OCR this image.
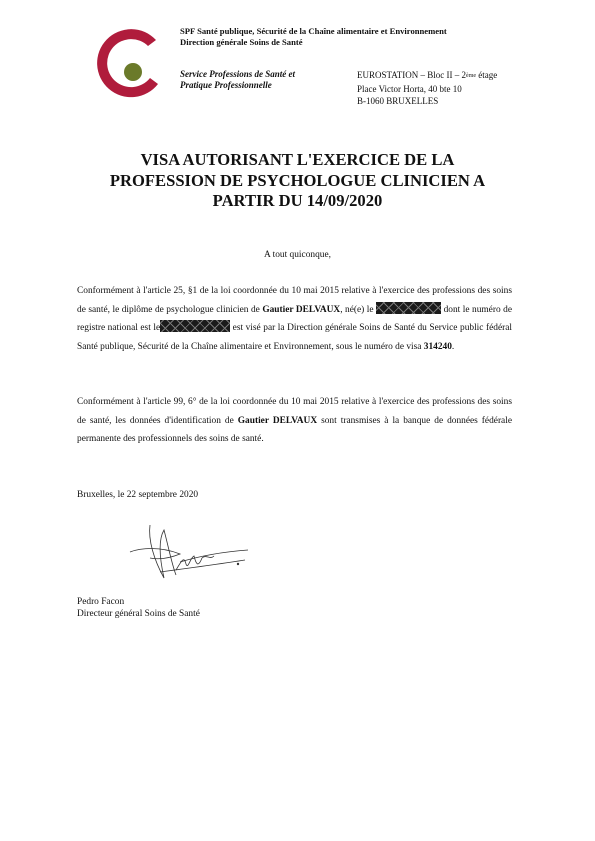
SPF Santé publique, Sécurité de la Chaîne alimentaire et Environnement
Direction générale Soins de Santé
Service Professions de Santé et
Pratique Professionnelle
EUROSTATION – Bloc II – 2ème étage
Place Victor Horta, 40 bte 10
B-1060 BRUXELLES
VISA AUTORISANT L'EXERCICE DE LA
PROFESSION DE PSYCHOLOGUE CLINICIEN A
PARTIR DU 14/09/2020
A tout quiconque,
Conformément à l'article 25, §1 de la loi coordonnée du 10 mai 2015 relative à l'exercice des professions des soins de santé, le diplôme de psychologue clinicien de Gautier DELVAUX, né(e) le	dont le numéro de registre national est le	est visé par la Direction générale Soins de Santé du Service public fédéral Santé publique, Sécurité de la Chaîne alimentaire et Environnement, sous le numéro de visa 314240.
Conformément à l'article 99, 6° de la loi coordonnée du 10 mai 2015 relative à l'exercice des professions des soins de santé, les données d'identification de Gautier DELVAUX sont transmises à la banque de données fédérale permanente des professionnels des soins de santé.
Bruxelles, le 22 septembre 2020
Pedro Facon
Directeur général Soins de Santé
